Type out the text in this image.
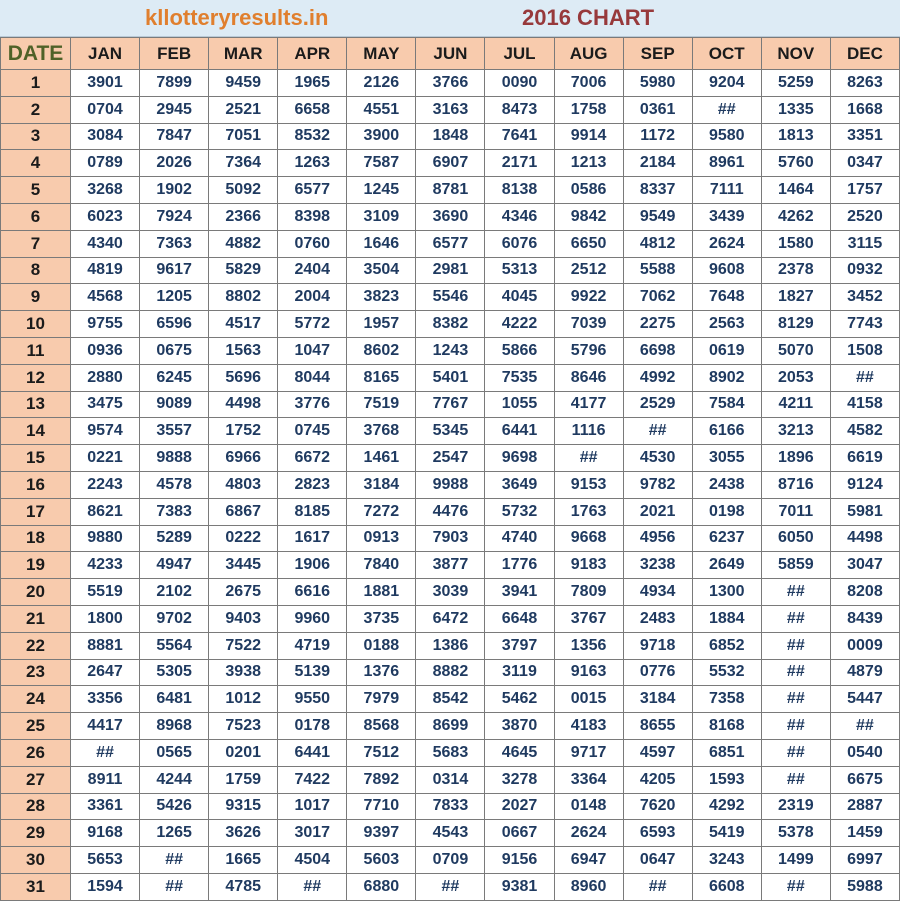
kllotteryresults.in	2016 CHART
DATE	JAN	FEB	MAR	APR	MAY	JUN	JUL	AUG	SEP	OCT	NOV	DEC
1	3901	7899	9459	1965	2126	3766	0090	7006	5980	9204	5259	8263
2	0704	2945	2521	6658	4551	3163	8473	1758	0361	##	1335	1668
3	3084	7847	7051	8532	3900	1848	7641	9914	1172	9580	1813	3351
4	0789	2026	7364	1263	7587	6907	2171	1213	2184	8961	5760	0347
5	3268	1902	5092	6577	1245	8781	8138	0586	8337	7111	1464	1757
6	6023	7924	2366	8398	3109	3690	4346	9842	9549	3439	4262	2520
7	4340	7363	4882	0760	1646	6577	6076	6650	4812	2624	1580	3115
8	4819	9617	5829	2404	3504	2981	5313	2512	5588	9608	2378	0932
9	4568	1205	8802	2004	3823	5546	4045	9922	7062	7648	1827	3452
10	9755	6596	4517	5772	1957	8382	4222	7039	2275	2563	8129	7743
11	0936	0675	1563	1047	8602	1243	5866	5796	6698	0619	5070	1508
12	2880	6245	5696	8044	8165	5401	7535	8646	4992	8902	2053	##
13	3475	9089	4498	3776	7519	7767	1055	4177	2529	7584	4211	4158
14	9574	3557	1752	0745	3768	5345	6441	1116	##	6166	3213	4582
15	0221	9888	6966	6672	1461	2547	9698	##	4530	3055	1896	6619
16	2243	4578	4803	2823	3184	9988	3649	9153	9782	2438	8716	9124
17	8621	7383	6867	8185	7272	4476	5732	1763	2021	0198	7011	5981
18	9880	5289	0222	1617	0913	7903	4740	9668	4956	6237	6050	4498
19	4233	4947	3445	1906	7840	3877	1776	9183	3238	2649	5859	3047
20	5519	2102	2675	6616	1881	3039	3941	7809	4934	1300	##	8208
21	1800	9702	9403	9960	3735	6472	6648	3767	2483	1884	##	8439
22	8881	5564	7522	4719	0188	1386	3797	1356	9718	6852	##	0009
23	2647	5305	3938	5139	1376	8882	3119	9163	0776	5532	##	4879
24	3356	6481	1012	9550	7979	8542	5462	0015	3184	7358	##	5447
25	4417	8968	7523	0178	8568	8699	3870	4183	8655	8168	##	##
26	##	0565	0201	6441	7512	5683	4645	9717	4597	6851	##	0540
27	8911	4244	1759	7422	7892	0314	3278	3364	4205	1593	##	6675
28	3361	5426	9315	1017	7710	7833	2027	0148	7620	4292	2319	2887
29	9168	1265	3626	3017	9397	4543	0667	2624	6593	5419	5378	1459
30	5653	##	1665	4504	5603	0709	9156	6947	0647	3243	1499	6997
31	1594	##	4785	##	6880	##	9381	8960	##	6608	##	5988
